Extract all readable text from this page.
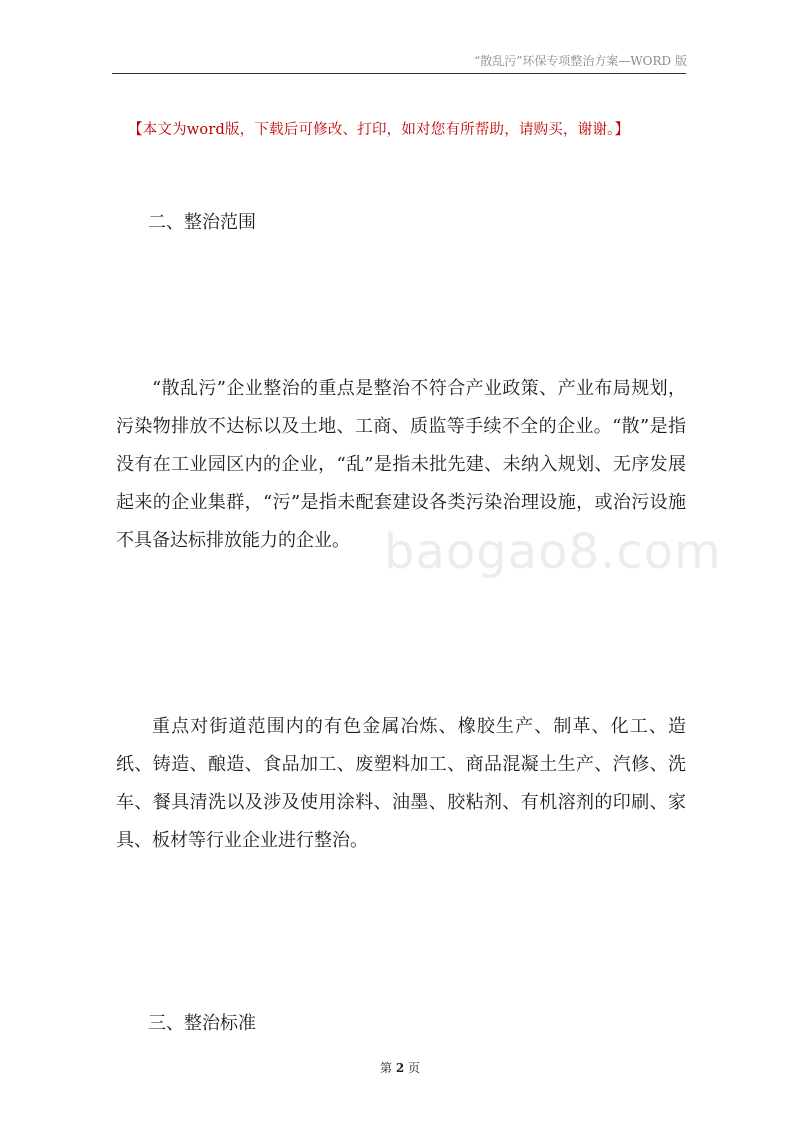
“散乱污”环保专项整治方案—WORD 版
【本文为word版，下载后可修改、打印，如对您有所帮助，请购买，谢谢。】
二、整治范围

“散乱污”企业整治的重点是整治不符合产业政策、产业布局规划，污染物排放不达标以及土地、工商、质监等手续不全的企业。“散”是指没有在工业园区内的企业，“乱”是指未批先建、未纳入规划、无序发展起来的企业集群，“污”是指未配套建设各类污染治理设施，或治污设施不具备达标排放能力的企业。 baogao8.com

重点对街道范围内的有色金属冶炼、橡胶生产、制革、化工、造纸、铸造、酿造、食品加工、废塑料加工、商品混凝土生产、汽修、洗车、餐具清洗以及涉及使用涂料、油墨、胶粘剂、有机溶剂的印刷、家具、板材等行业企业进行整治。

三、整治标准
第 2 页
